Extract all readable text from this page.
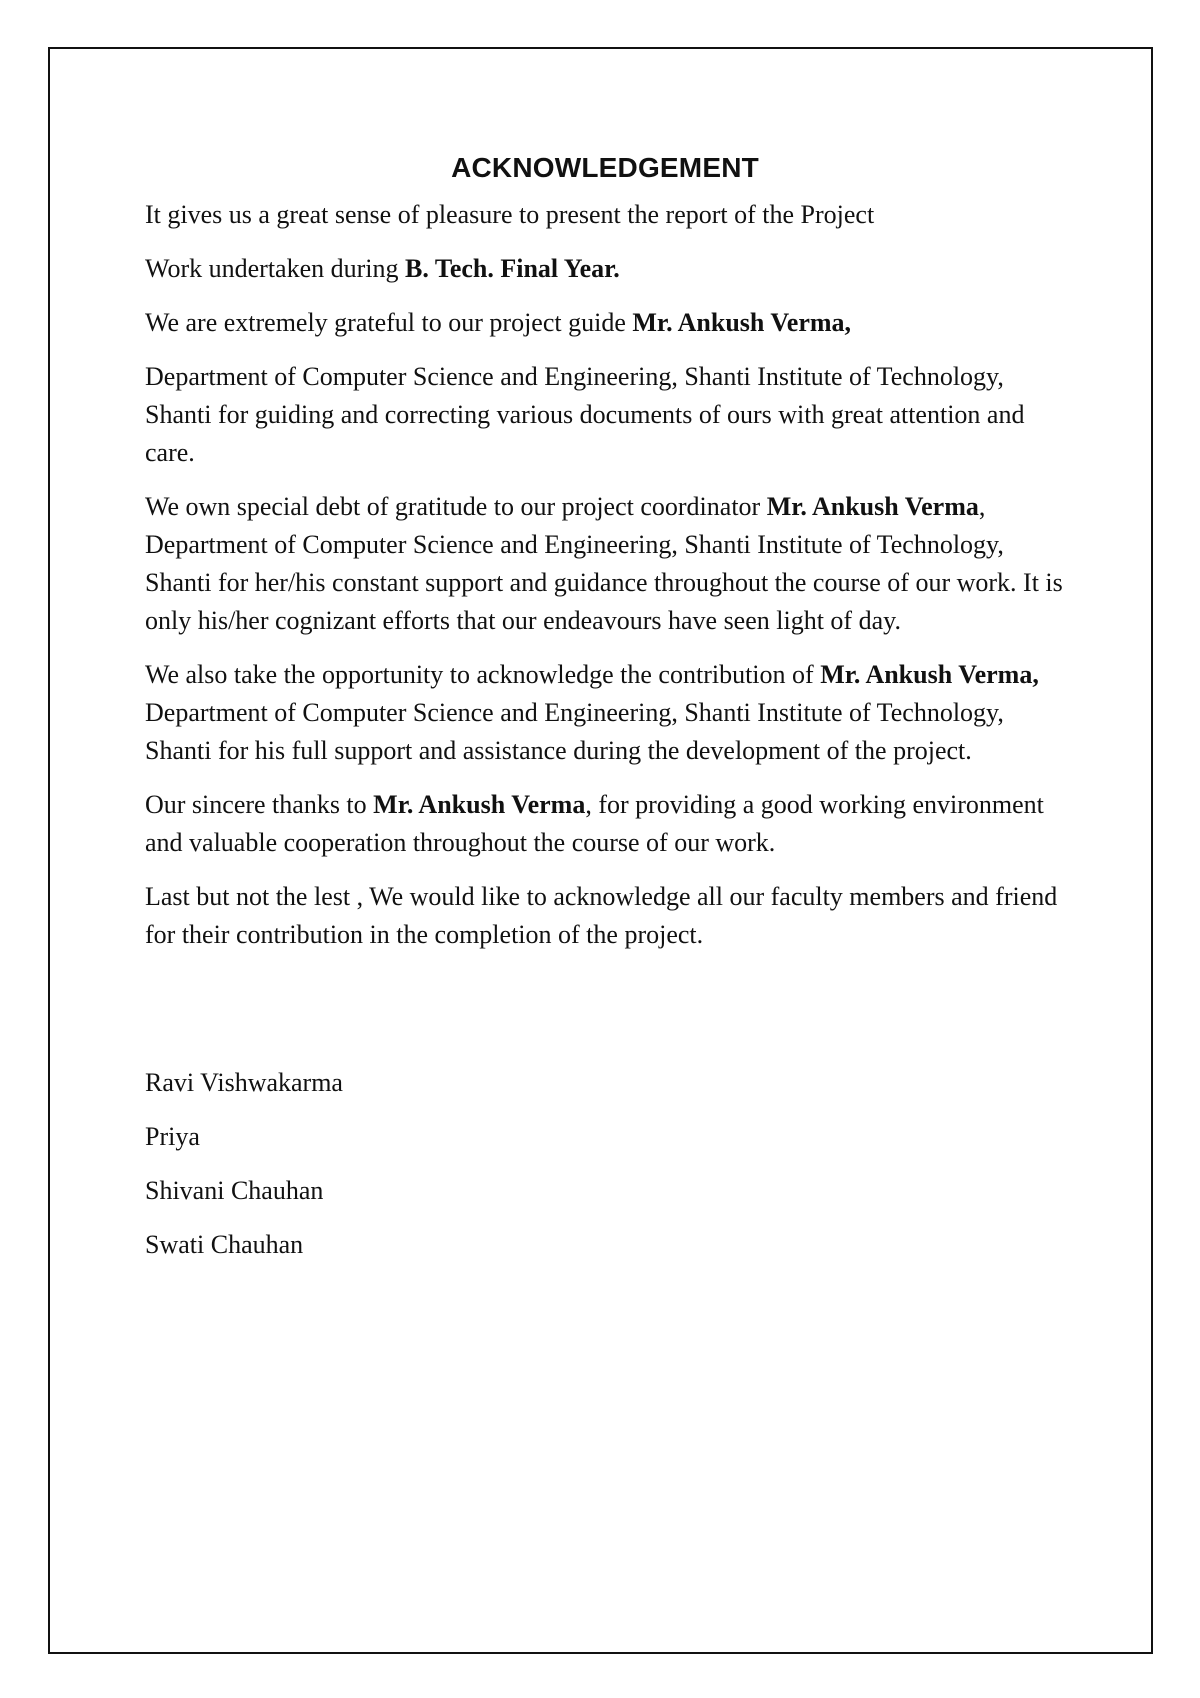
ACKNOWLEDGEMENT

It gives us a great sense of pleasure to present the report of the Project

Work undertaken during B. Tech. Final Year.

We are extremely grateful to our project guide Mr. Ankush Verma,

Department of Computer Science and Engineering, Shanti Institute of Technology, Shanti for guiding and correcting various documents of ours with great attention and care.

We own special debt of gratitude to our project coordinator Mr. Ankush Verma, Department of Computer Science and Engineering, Shanti Institute of Technology, Shanti for her/his constant support and guidance throughout the course of our work. It is only his/her cognizant efforts that our endeavours have seen light of day.

We also take the opportunity to acknowledge the contribution of Mr. Ankush Verma, Department of Computer Science and Engineering, Shanti Institute of Technology, Shanti for his full support and assistance during the development of the project.

Our sincere thanks to Mr. Ankush Verma, for providing a good working environment and valuable cooperation throughout the course of our work.

Last but not the lest , We would like to acknowledge all our faculty members and friend for their contribution in the completion of the project.

Ravi Vishwakarma
Priya
Shivani Chauhan
Swati Chauhan
